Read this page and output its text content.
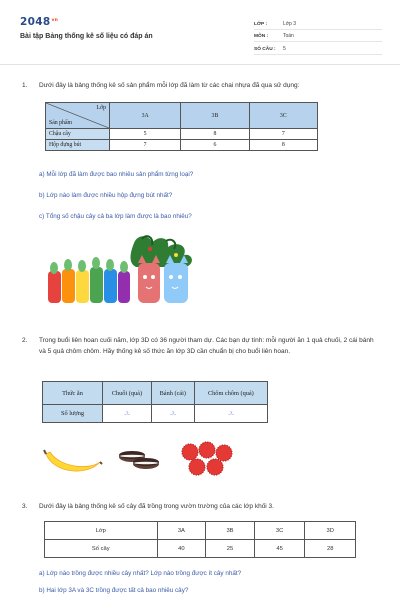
$2048^{vn}$
Bài tập Bảng thống kê số liệu có đáp án
LỚP :	Lớp 3
MÔN :	Toán
SỐ CÂU :	5
1.	Dưới đây là bảng thống kê số sản phẩm mỗi lớp đã làm từ các chai nhựa đã qua sử dụng:
Lớp
Sản phẩm	3A	3B	3C
Chậu cây	5	8	7
Hộp đựng bút	7	6	8
a) Mỗi lớp đã làm được bao nhiêu sản phẩm từng loại?
b) Lớp nào làm được nhiều hộp đựng bút nhất?
c) Tổng số chậu cây cả ba lớp làm được là bao nhiêu?
2.	Trong buổi liên hoan cuối năm, lớp 3D có 36 người tham dự. Các bạn dự tính: mỗi người ăn 1 quả chuối, 2 cái bánh và 5 quả chôm chôm. Hãy thống kê số thức ăn lớp 3D cần chuẩn bị cho buổi liên hoan.
Thức ăn	Chuối (quả)	Bánh (cái)	Chôm chôm (quả)
Số lượng	..?..	..?..	..?..
3.	Dưới đây là bảng thống kê số cây đã trồng trong vườn trường của các lớp khối 3.
Lớp	3A	3B	3C	3D
Số cây	40	25	45	28
a) Lớp nào trồng được nhiều cây nhất? Lớp nào trồng được ít cây nhất?
b) Hai lớp 3A và 3C trồng được tất cả bao nhiêu cây?
